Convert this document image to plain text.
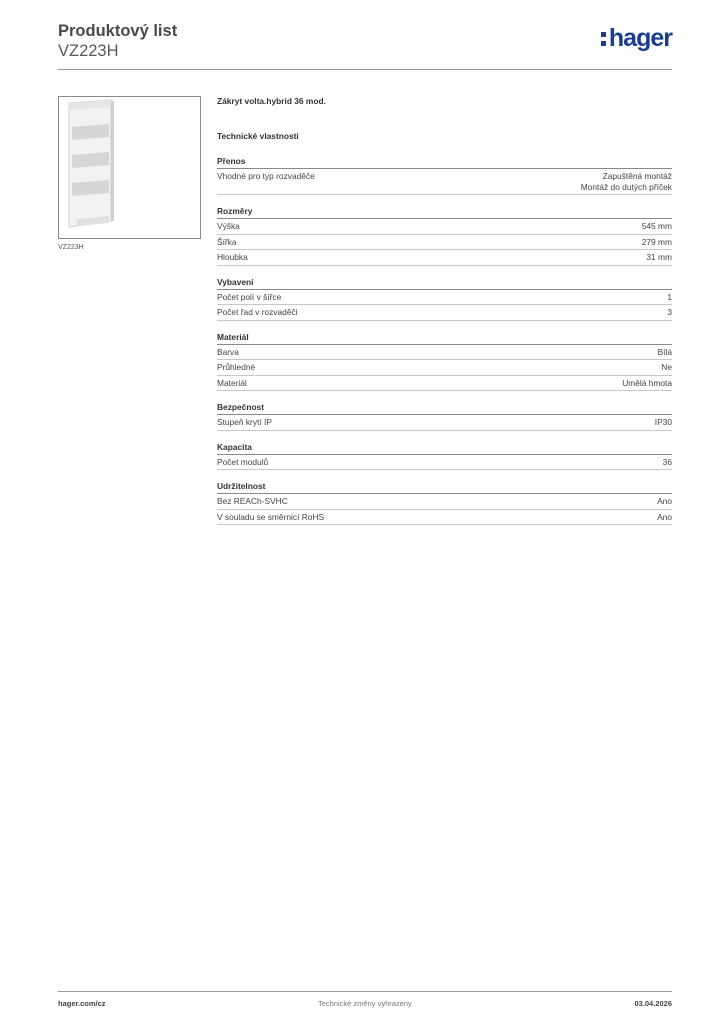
Produktový list
VZ223H	hager
VZ223H
Zákryt volta.hybrid 36 mod.
Technické vlastnosti
Přenos
Vhodné pro typ rozvaděče	Zapuštěná montáž
Montáž do dutých příček
Rozměry
Výška	545 mm
Šířka	279 mm
Hloubka	31 mm
Vybavení
Počet polí v šířce	1
Počet řad v rozvaděči	3
Materiál
Barva	Bílá
Průhledné	Ne
Materiál	Umělá hmota
Bezpečnost
Stupeň krytí IP	IP30
Kapacita
Počet modulů	36
Udržitelnost
Bez REACh-SVHC	Ano
V souladu se směrnicí RoHS	Ano
hager.com/cz	Technické změny vyhrazeny	03.04.2026
